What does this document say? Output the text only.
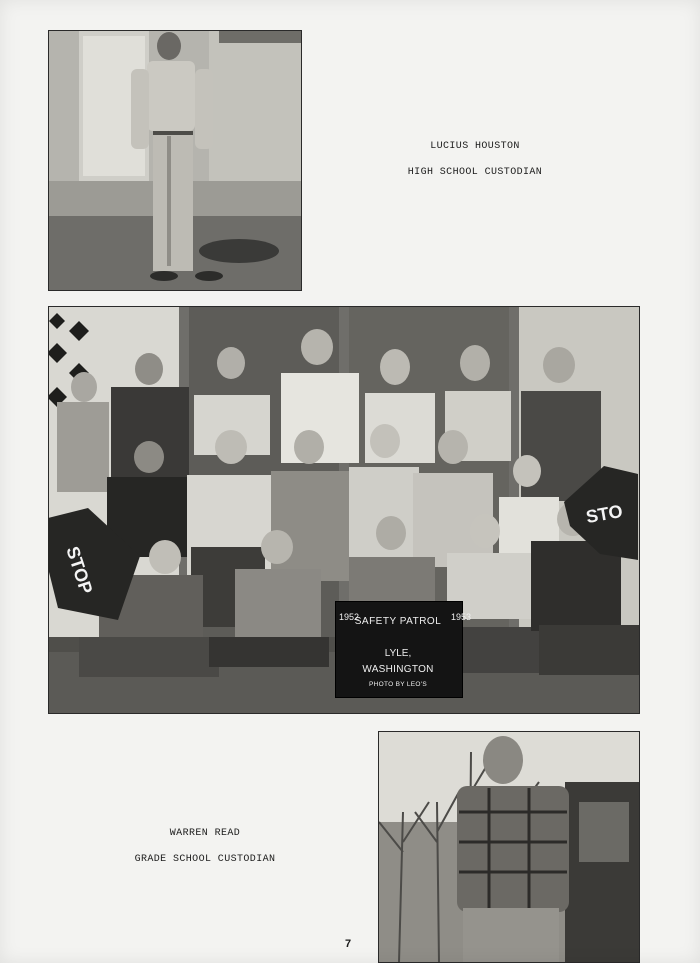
LUCIUS HOUSTON
HIGH SCHOOL CUSTODIAN
STOP
STO
SAFETY PATROL
1952	1953
LYLE,
WASHINGTON
PHOTO BY LEO'S
WARREN READ
GRADE SCHOOL CUSTODIAN
7
